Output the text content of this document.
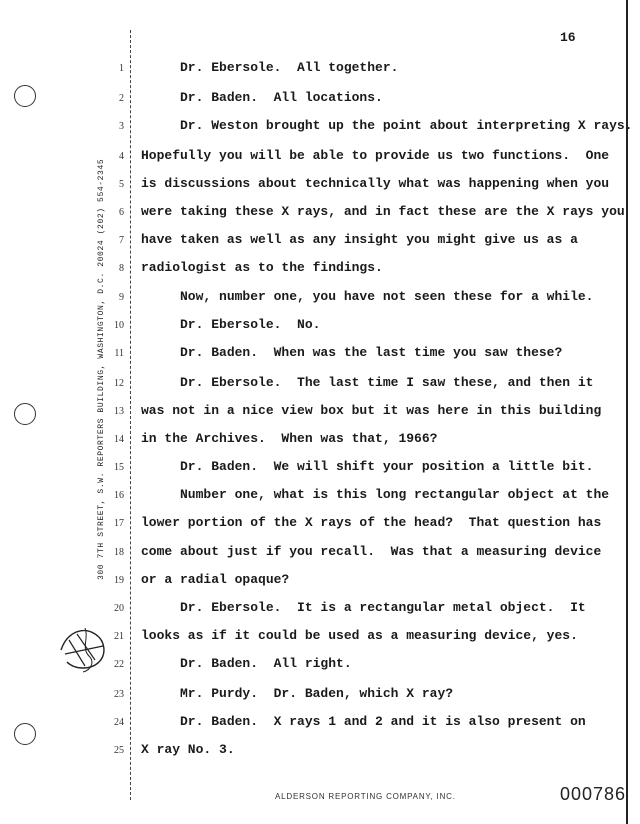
16
300 7TH STREET, S.W. REPORTERS BUILDING, WASHINGTON, D.C. 20024 (202) 554-2345
1
2
3
4
5
6
7
8
9
10
11
12
13
14
15
16
17
18
19
20
21
22
23
24
25
Dr. Ebersole.  All together.
Dr. Baden.  All locations.
Dr. Weston brought up the point about interpreting X rays.
Hopefully you will be able to provide us two functions.  One
is discussions about technically what was happening when you
were taking these X rays, and in fact these are the X rays you
have taken as well as any insight you might give us as a
radiologist as to the findings.
Now, number one, you have not seen these for a while.
Dr. Ebersole.  No.
Dr. Baden.  When was the last time you saw these?
Dr. Ebersole.  The last time I saw these, and then it
was not in a nice view box but it was here in this building
in the Archives.  When was that, 1966?
Dr. Baden.  We will shift your position a little bit.
Number one, what is this long rectangular object at the
lower portion of the X rays of the head?  That question has
come about just if you recall.  Was that a measuring device
or a radial opaque?
Dr. Ebersole.  It is a rectangular metal object.  It
looks as if it could be used as a measuring device, yes.
Dr. Baden.  All right.
Mr. Purdy.  Dr. Baden, which X ray?
Dr. Baden.  X rays 1 and 2 and it is also present on
X ray No. 3.
ALDERSON REPORTING COMPANY, INC.	000786
